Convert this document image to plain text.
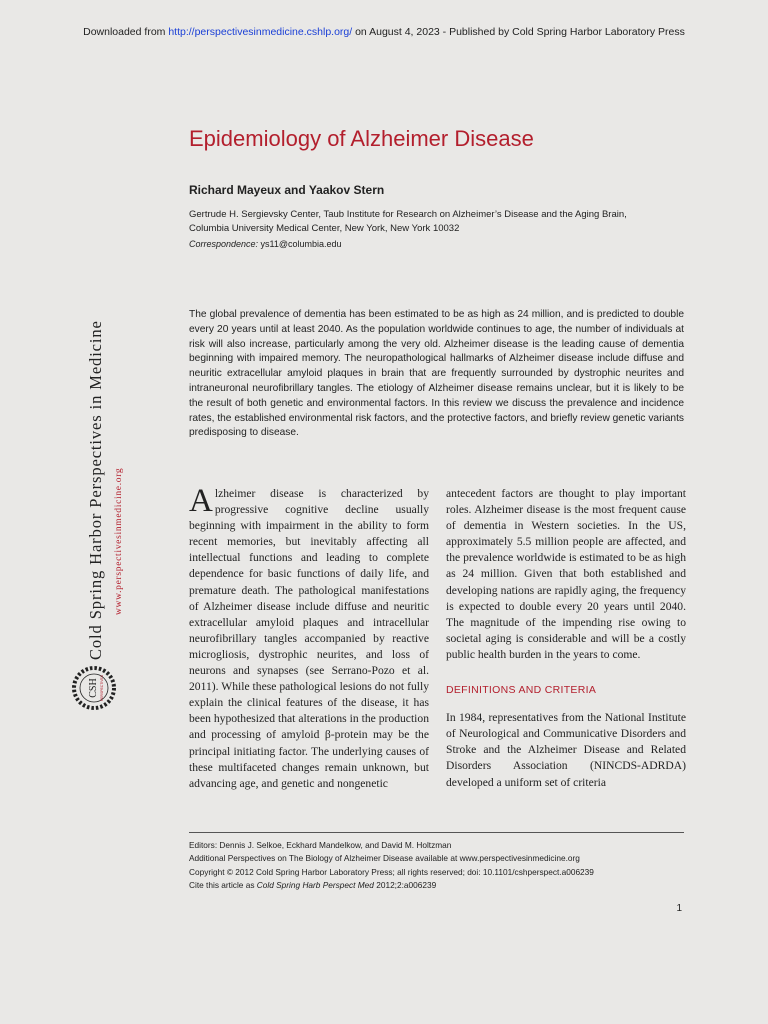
Downloaded from http://perspectivesinmedicine.cshlp.org/ on August 4, 2023 - Published by Cold Spring Harbor Laboratory Press
Cold Spring Harbor Perspectives in Medicine www.perspectivesinmedicine.org
CSH PERSPECTIVES
Epidemiology of Alzheimer Disease
Richard Mayeux and Yaakov Stern
Gertrude H. Sergievsky Center, Taub Institute for Research on Alzheimer’s Disease and the Aging Brain,
Columbia University Medical Center, New York, New York 10032
Correspondence: ys11@columbia.edu

The global prevalence of dementia has been estimated to be as high as 24 million, and is predicted to double every 20 years until at least 2040. As the population worldwide continues to age, the number of individuals at risk will also increase, particularly among the very old. Alzheimer disease is the leading cause of dementia beginning with impaired memory. The neuropathological hallmarks of Alzheimer disease include diffuse and neuritic extracellular amyloid plaques in brain that are frequently surrounded by dystrophic neurites and intraneuronal neurofibrillary tangles. The etiology of Alzheimer disease remains unclear, but it is likely to be the result of both genetic and environmental factors. In this review we discuss the prevalence and incidence rates, the established environmental risk factors, and the protective factors, and briefly review genetic variants predisposing to disease.

Alzheimer disease is characterized by progressive cognitive decline usually beginning with impairment in the ability to form recent memories, but inevitably affecting all intellectual functions and leading to complete dependence for basic functions of daily life, and premature death. The pathological manifestations of Alzheimer disease include diffuse and neuritic extracellular amyloid plaques and intracellular neurofibrillary tangles accompanied by reactive microgliosis, dystrophic neurites, and loss of neurons and synapses (see Serrano-Pozo et al. 2011). While these pathological lesions do not fully explain the clinical features of the disease, it has been hypothesized that alterations in the production and processing of amyloid β-protein may be the principal initiating factor. The underlying causes of these multifaceted changes remain unknown, but advancing age, and genetic and nongenetic

antecedent factors are thought to play important roles. Alzheimer disease is the most frequent cause of dementia in Western societies. In the US, approximately 5.5 million people are affected, and the prevalence worldwide is estimated to be as high as 24 million. Given that both established and developing nations are rapidly aging, the frequency is expected to double every 20 years until 2040. The magnitude of the impending rise owing to societal aging is considerable and will be a costly public health burden in the years to come.

DEFINITIONS AND CRITERIA

In 1984, representatives from the National Institute of Neurological and Communicative Disorders and Stroke and the Alzheimer Disease and Related Disorders Association (NINCDS-ADRDA) developed a uniform set of criteria

Editors: Dennis J. Selkoe, Eckhard Mandelkow, and David M. Holtzman
Additional Perspectives on The Biology of Alzheimer Disease available at www.perspectivesinmedicine.org
Copyright © 2012 Cold Spring Harbor Laboratory Press; all rights reserved; doi: 10.1101/cshperspect.a006239
Cite this article as Cold Spring Harb Perspect Med 2012;2:a006239
1
